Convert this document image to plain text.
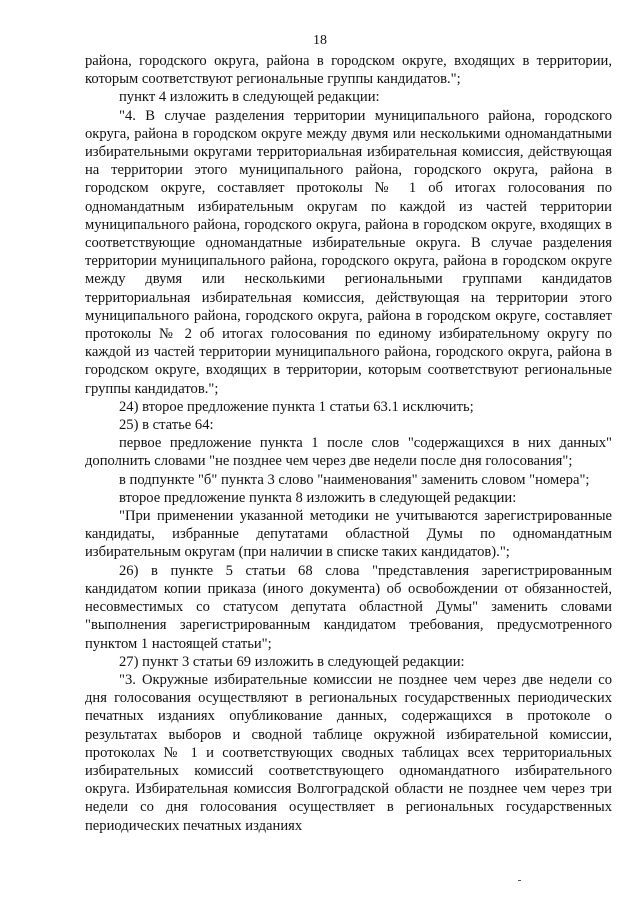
18

района, городского округа, района в городском округе, входящих в территории, которым соответствуют региональные группы кандидатов.";

пункт 4 изложить в следующей редакции:

"4. В случае разделения территории муниципального района, городского округа, района в городском округе между двумя или несколькими одномандатными избирательными округами территориальная избирательная комиссия, действующая на территории этого муниципального района, городского округа, района в городском округе, составляет протоколы № 1 об итогах голосования по одномандатным избирательным округам по каждой из частей территории муниципального района, городского округа, района в городском округе, входящих в соответствующие одномандатные избирательные округа. В случае разделения территории муниципального района, городского округа, района в городском округе между двумя или несколькими региональными группами кандидатов территориальная избирательная комиссия, действующая на территории этого муниципального района, городского округа, района в городском округе, составляет протоколы № 2 об итогах голосования по единому избирательному округу по каждой из частей территории муниципального района, городского округа, района в городском округе, входящих в территории, которым соответствуют региональные группы кандидатов.";

24) второе предложение пункта 1 статьи 63.1 исключить;

25) в статье 64:

первое предложение пункта 1 после слов "содержащихся в них данных" дополнить словами "не позднее чем через две недели после дня голосования";

в подпункте "б" пункта 3 слово "наименования" заменить словом "номера";

второе предложение пункта 8 изложить в следующей редакции:

"При применении указанной методики не учитываются зарегистрированные кандидаты, избранные депутатами областной Думы по одномандатным избирательным округам (при наличии в списке таких кандидатов).";

26) в пункте 5 статьи 68 слова "представления зарегистрированным кандидатом копии приказа (иного документа) об освобождении от обязанностей, несовместимых со статусом депутата областной Думы" заменить словами "выполнения зарегистрированным кандидатом требования, предусмотренного пунктом 1 настоящей статьи";

27) пункт 3 статьи 69 изложить в следующей редакции:

"3. Окружные избирательные комиссии не позднее чем через две недели со дня голосования осуществляют в региональных государственных периодических печатных изданиях опубликование данных, содержащихся в протоколе о результатах выборов и сводной таблице окружной избирательной комиссии, протоколах № 1 и соответствующих сводных таблицах всех территориальных избирательных комиссий соответствующего одномандатного избирательного округа. Избирательная комиссия Волгоградской области не позднее чем через три недели со дня голосования осуществляет в региональных государственных периодических печатных изданиях
